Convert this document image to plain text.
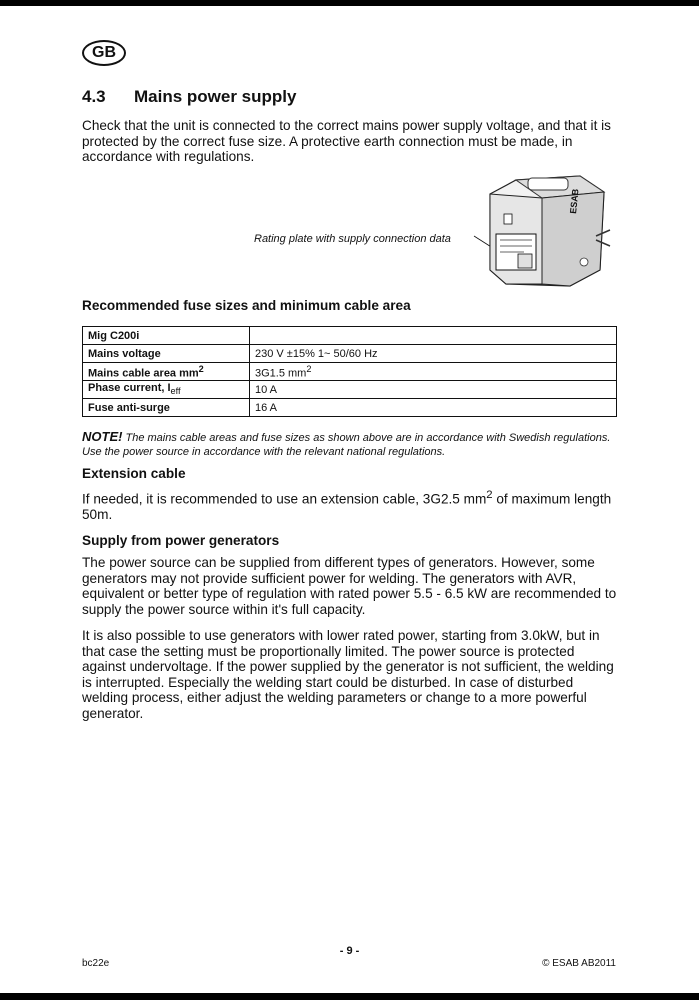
GB
4.3 Mains power supply

Check that the unit is connected to the correct mains power supply voltage, and that it is protected by the correct fuse size. A protective earth connection must be made, in accordance with regulations.

Rating plate with supply connection data
ESAB
Recommended fuse sizes and minimum cable area
Mig C200i	
Mains voltage	230 V ±15% 1~ 50/60 Hz
Mains cable area $mm^2$	3G1.5 $mm^2$
Phase current, $I_{eff}$	10 A
Fuse anti-surge	16 A
NOTE! The mains cable areas and fuse sizes as shown above are in accordance with Swedish regulations. Use the power source in accordance with the relevant national regulations.
Extension cable

If needed, it is recommended to use an extension cable, 3G2.5 $mm^2$ of maximum length 50m.

Supply from power generators

The power source can be supplied from different types of generators. However, some generators may not provide sufficient power for welding. The generators with AVR, equivalent or better type of regulation with rated power 5.5 - 6.5 kW are recommended to supply the power source within it's full capacity.

It is also possible to use generators with lower rated power, starting from 3.0kW, but in that case the setting must be proportionally limited. The power source is protected against undervoltage. If the power supplied by the generator is not sufficient, the welding is interrupted. Especially the welding start could be disturbed. In case of disturbed welding process, either adjust the welding parameters or change to a more powerful generator.

- 9 -
bc22e	© ESAB AB2011
